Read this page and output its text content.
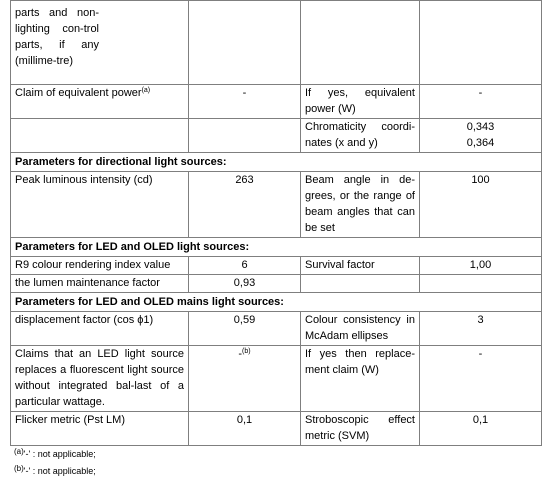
parts and non-lighting con-trol parts, if any (millime-tre)			

Claim of equivalent power$^{(a)}$	-	If yes, equivalent power (W)	-
		Chromaticity coordi-nates (x and y)	0,343
0,364

Parameters for directional light sources:			
Peak luminous intensity (cd)	263	Beam angle in de-grees, or the range of beam angles that can be set	100
Parameters for LED and OLED light sources:			
R9 colour rendering index value	6	Survival factor	1,00
the lumen maintenance factor	0,93		
Parameters for LED and OLED mains light sources:			
displacement factor (cos ϕ1)	0,59	Colour consistency in McAdam ellipses	3
Claims that an LED light source replaces a fluorescent light source without integrated bal-last of a particular wattage.	-$^{(b)}$	If yes then replace-ment claim (W)	-
Flicker metric (Pst LM)	0,1	Stroboscopic effect metric (SVM)	0,1
$^{(a)}$'-' : not applicable;
$^{(b)}$'-' : not applicable;
